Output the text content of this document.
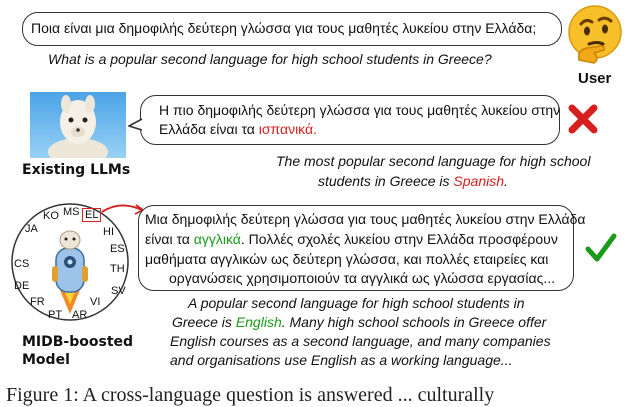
Ποια είναι μια δημοφιλής δεύτερη γλώσσα για τους μαθητές λυκείου στην Ελλάδα;
What is a popular second language for high school students in Greece?
User
Existing LLMs
Η πιο δημοφιλής δεύτερη γλώσσα για τους μαθητές λυκείου στην
Ελλάδα είναι τα ισπανικά.
The most popular second language for high school
students in Greece is Spanish.
KO MS EL
JA	HI
ES
CS	TH
DE	SV
FR	VI
PT AR
MIDB-boosted
Model
Μια δημοφιλής δεύτερη γλώσσα για τους μαθητές λυκείου στην Ελλάδα
είναι τα αγγλικά. Πολλές σχολές λυκείου στην Ελλάδα προσφέρουν
μαθήματα αγγλικών ως δεύτερη γλώσσα, και πολλές εταιρείες και
οργανώσεις χρησιμοποιούν τα αγγλικά ως γλώσσα εργασίας...
A popular second language for high school students in
Greece is English. Many high school schools in Greece offer
English courses as a second language, and many companies
and organisations use English as a working language...
Figure 1: A cross-language question is answered ... culturally
